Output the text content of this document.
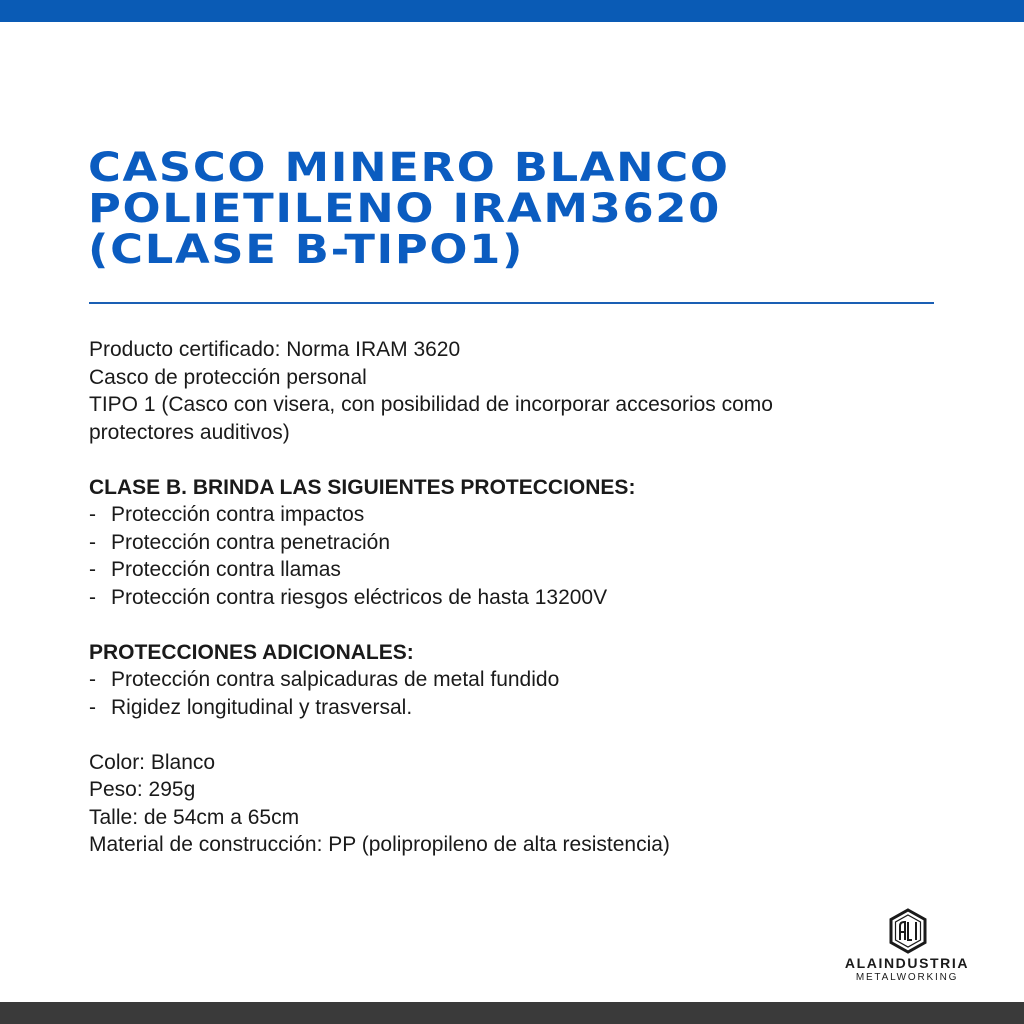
CASCO MINERO BLANCO
POLIETILENO IRAM3620
(CLASE B-TIPO1)
Producto certificado: Norma IRAM 3620
Casco de protección personal
TIPO 1 (Casco con visera, con posibilidad de incorporar accesorios como
protectores auditivos)
CLASE B. BRINDA LAS SIGUIENTES PROTECCIONES:
- Protección contra impactos
- Protección contra penetración
- Protección contra llamas
- Protección contra riesgos eléctricos de hasta 13200V
PROTECCIONES ADICIONALES:
- Protección contra salpicaduras de metal fundido
- Rigidez longitudinal y trasversal.
Color: Blanco
Peso: 295g
Talle: de 54cm a 65cm
Material de construcción: PP (polipropileno de alta resistencia)
ALAINDUSTRIA
METALWORKING
